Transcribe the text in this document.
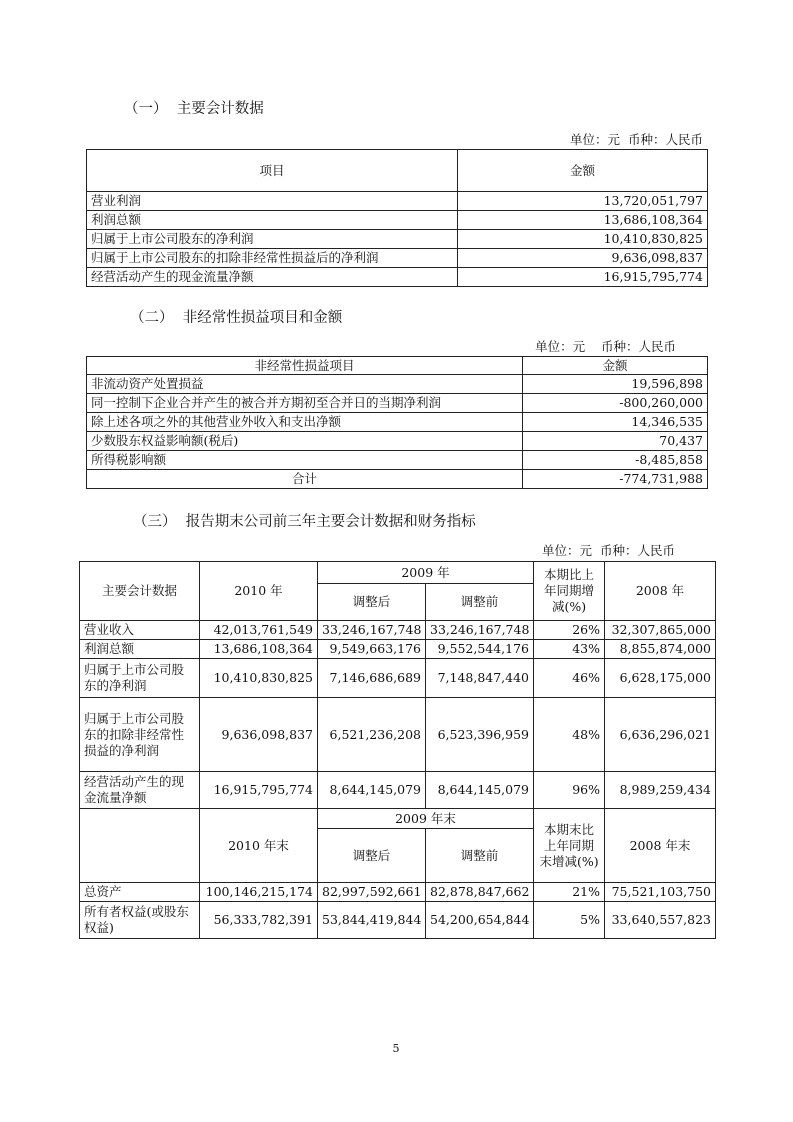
（一）  主要会计数据
单位：元  币种：人民币
项目	金额
营业利润	13,720,051,797
利润总额	13,686,108,364
归属于上市公司股东的净利润	10,410,830,825
归属于上市公司股东的扣除非经常性损益后的净利润	9,636,098,837
经营活动产生的现金流量净额	16,915,795,774
（二）  非经常性损益项目和金额
单位：元    币种：人民币
非经常性损益项目	金额
非流动资产处置损益	19,596,898
同一控制下企业合并产生的被合并方期初至合并日的当期净利润	-800,260,000
除上述各项之外的其他营业外收入和支出净额	14,346,535
少数股东权益影响额(税后)	70,437
所得税影响额	-8,485,858
合计	-774,731,988
（三）  报告期末公司前三年主要会计数据和财务指标
单位：元  币种：人民币
主要会计数据	2010 年	2009 年		本期比上年同期增减(%)	2008 年
		调整后	调整前		
营业收入	42,013,761,549	33,246,167,748	33,246,167,748	26%	32,307,865,000
利润总额	13,686,108,364	9,549,663,176	9,552,544,176	43%	8,855,874,000
归属于上市公司股东的净利润	10,410,830,825	7,146,686,689	7,148,847,440	46%	6,628,175,000
归属于上市公司股东的扣除非经常性损益的净利润	9,636,098,837	6,521,236,208	6,523,396,959	48%	6,636,296,021
经营活动产生的现金流量净额	16,915,795,774	8,644,145,079	8,644,145,079	96%	8,989,259,434
	2010 年末	2009 年末		本期末比上年同期末增减(%)	2008 年末
		调整后	调整前		
总资产	100,146,215,174	82,997,592,661	82,878,847,662	21%	75,521,103,750
所有者权益(或股东权益)	56,333,782,391	53,844,419,844	54,200,654,844	5%	33,640,557,823
5
